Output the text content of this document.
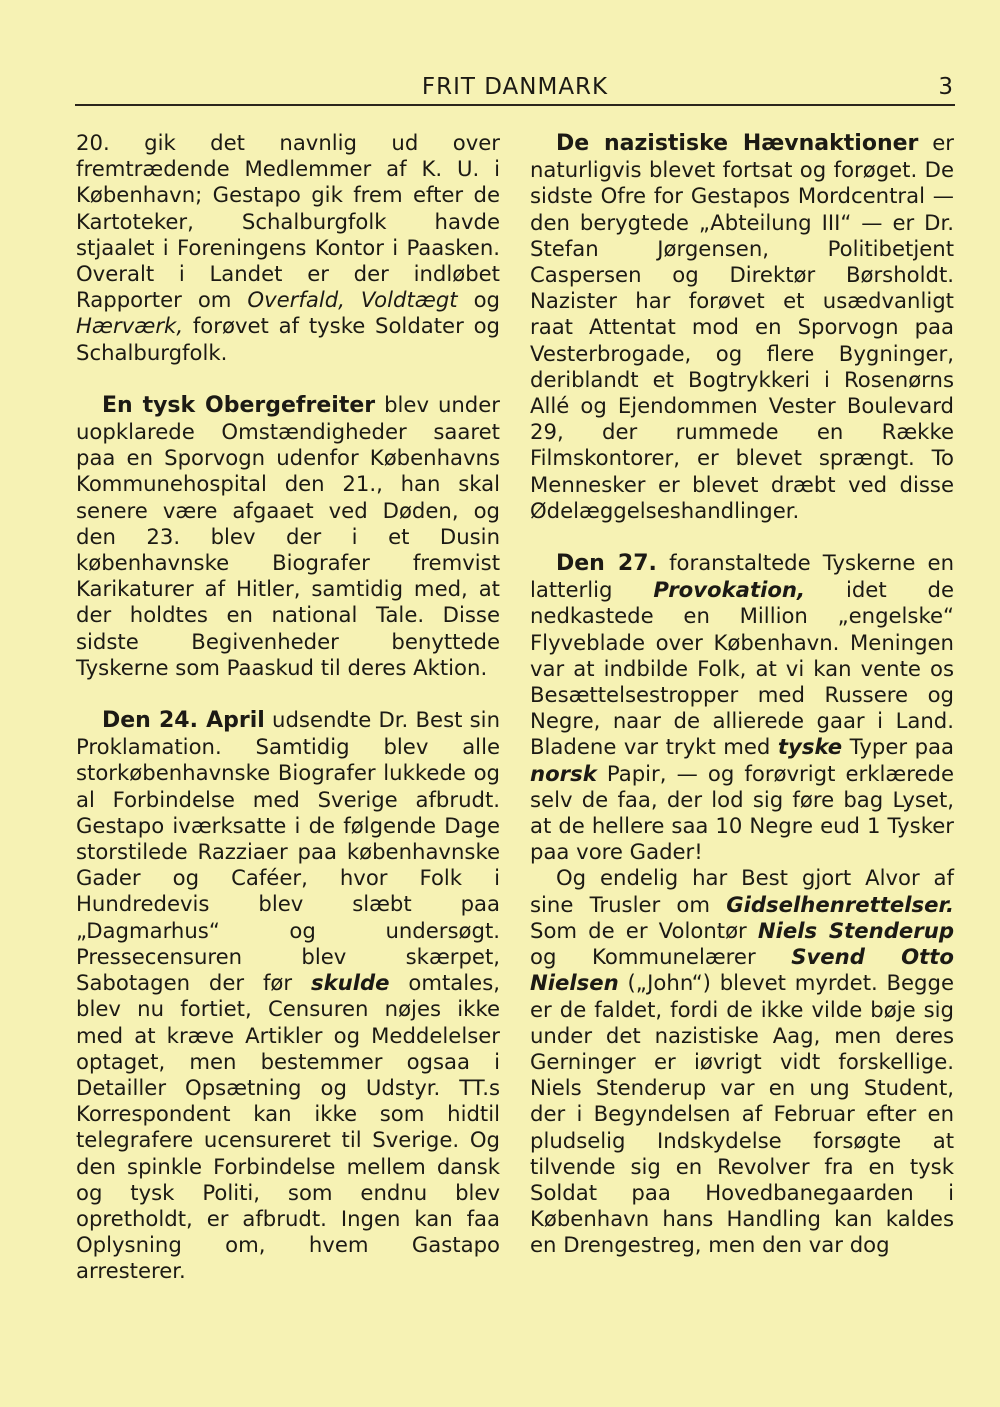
FRIT DANMARK	3

20. gik det navnlig ud over fremtrædende Medlemmer af K. U. i København; Gestapo gik frem efter de Kartoteker, Schalburgfolk havde stjaalet i Foreningens Kontor i Paasken. Overalt i Landet er der indløbet Rapporter om Overfald, Voldtægt og Hærværk, forøvet af tyske Soldater og Schalburgfolk.

En tysk Obergefreiter blev under uopklarede Omstændigheder saaret paa en Sporvogn udenfor Københavns Kommunehospital den 21., han skal senere være afgaaet ved Døden, og den 23. blev der i et Dusin københavnske Biografer fremvist Karikaturer af Hitler, samtidig med, at der holdtes en national Tale. Disse sidste Begivenheder benyttede Tyskerne som Paaskud til deres Aktion.

Den 24. April udsendte Dr. Best sin Proklamation. Samtidig blev alle storkøbenhavnske Biografer lukkede og al Forbindelse med Sverige afbrudt. Gestapo iværksatte i de følgende Dage storstilede Razziaer paa københavnske Gader og Caféer, hvor Folk i Hundredevis blev slæbt paa „Dagmarhus“ og undersøgt. Pressecensuren blev skærpet, Sabotagen der før skulde omtales, blev nu fortiet, Censuren nøjes ikke med at kræve Artikler og Meddelelser optaget, men bestemmer ogsaa i Detailler Opsætning og Udstyr. TT.s Korrespondent kan ikke som hidtil telegrafere ucensureret til Sverige. Og den spinkle Forbindelse mellem dansk og tysk Politi, som endnu blev opretholdt, er afbrudt. Ingen kan faa Oplysning om, hvem Gastapo arresterer.

De nazistiske Hævnaktioner er naturligvis blevet fortsat og forøget. De sidste Ofre for Gestapos Mordcentral — den berygtede „Abteilung III“ — er Dr. Stefan Jørgensen, Politibetjent Caspersen og Direktør Børsholdt. Nazister har forøvet et usædvanligt raat Attentat mod en Sporvogn paa Vesterbrogade, og flere Bygninger, deriblandt et Bogtrykkeri i Rosenørns Allé og Ejendommen Vester Boulevard 29, der rummede en Række Filmskontorer, er blevet sprængt. To Mennesker er blevet dræbt ved disse Ødelæggelseshandlinger.

Den 27. foranstaltede Tyskerne en latterlig Provokation, idet de nedkastede en Million „engelske“ Flyveblade over København. Meningen var at indbilde Folk, at vi kan vente os Besættelsestropper med Russere og Negre, naar de allierede gaar i Land. Bladene var trykt med tyske Typer paa norsk Papir, — og forøvrigt erklærede selv de faa, der lod sig føre bag Lyset, at de hellere saa 10 Negre eud 1 Tysker paa vore Gader!

Og endelig har Best gjort Alvor af sine Trusler om Gidselhenrettelser. Som de er Volontør Niels Stenderup og Kommunelærer Svend Otto Nielsen („John“) blevet myrdet. Begge er de faldet, fordi de ikke vilde bøje sig under det nazistiske Aag, men deres Gerninger er iøvrigt vidt forskellige. Niels Stenderup var en ung Student, der i Begyndelsen af Februar efter en pludselig Indskydelse forsøgte at tilvende sig en Revolver fra en tysk Soldat paa Hovedbanegaarden i København hans Handling kan kaldes en Drengestreg, men den var dog
